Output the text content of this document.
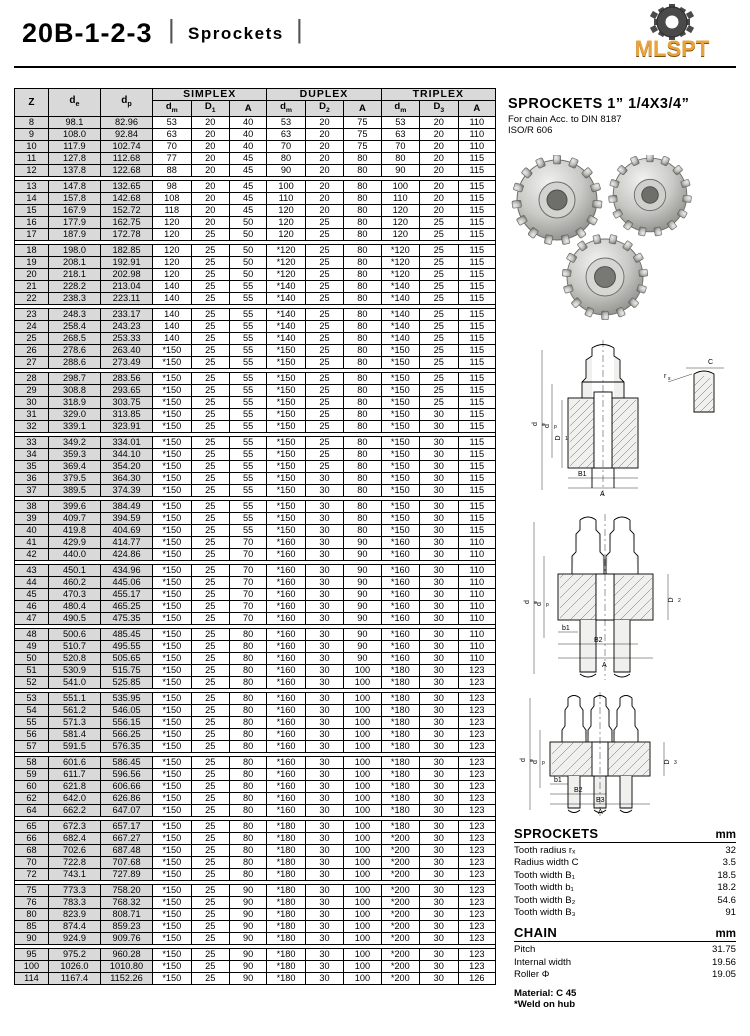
20B-1-2-3 | Sprockets |
MLSPT
Z	$d_e$	$d_p$	SIMPLEX			DUPLEX			TRIPLEX		
			$d_m$	$D_1$	A	$d_m$	$D_2$	A	$d_m$	$D_3$	A
8	98.1	82.96	53	20	40	53	20	75	53	20	110
9	108.0	92.84	63	20	40	63	20	75	63	20	110
10	117.9	102.74	70	20	40	70	20	75	70	20	110
11	127.8	112.68	77	20	45	80	20	80	80	20	115
12	137.8	122.68	88	20	45	90	20	80	90	20	115

13	147.8	132.65	98	20	45	100	20	80	100	20	115
14	157.8	142.68	108	20	45	110	20	80	110	20	115
15	167.9	152.72	118	20	45	120	20	80	120	20	115
16	177.9	162.75	120	20	50	120	25	80	120	25	115
17	187.9	172.78	120	25	50	120	25	80	120	25	115

18	198.0	182.85	120	25	50	*120	25	80	*120	25	115
19	208.1	192.91	120	25	50	*120	25	80	*120	25	115
20	218.1	202.98	120	25	50	*120	25	80	*120	25	115
21	228.2	213.04	140	25	55	*140	25	80	*140	25	115
22	238.3	223.11	140	25	55	*140	25	80	*140	25	115

23	248.3	233.17	140	25	55	*140	25	80	*140	25	115
24	258.4	243.23	140	25	55	*140	25	80	*140	25	115
25	268.5	253.33	140	25	55	*140	25	80	*140	25	115
26	278.6	263.40	*150	25	55	*150	25	80	*150	25	115
27	288.6	273.49	*150	25	55	*150	25	80	*150	25	115

28	298.7	283.56	*150	25	55	*150	25	80	*150	25	115
29	308.8	293.65	*150	25	55	*150	25	80	*150	25	115
30	318.9	303.75	*150	25	55	*150	25	80	*150	25	115
31	329.0	313.85	*150	25	55	*150	25	80	*150	30	115
32	339.1	323.91	*150	25	55	*150	25	80	*150	30	115

33	349.2	334.01	*150	25	55	*150	25	80	*150	30	115
34	359.3	344.10	*150	25	55	*150	25	80	*150	30	115
35	369.4	354.20	*150	25	55	*150	25	80	*150	30	115
36	379.5	364.30	*150	25	55	*150	30	80	*150	30	115
37	389.5	374.39	*150	25	55	*150	30	80	*150	30	115

38	399.6	384.49	*150	25	55	*150	30	80	*150	30	115
39	409.7	394.59	*150	25	55	*150	30	80	*150	30	115
40	419.8	404.69	*150	25	55	*150	30	80	*150	30	115
41	429.9	414.77	*150	25	70	*160	30	90	*160	30	110
42	440.0	424.86	*150	25	70	*160	30	90	*160	30	110

43	450.1	434.96	*150	25	70	*160	30	90	*160	30	110
44	460.2	445.06	*150	25	70	*160	30	90	*160	30	110
45	470.3	455.17	*150	25	70	*160	30	90	*160	30	110
46	480.4	465.25	*150	25	70	*160	30	90	*160	30	110
47	490.5	475.35	*150	25	70	*160	30	90	*160	30	110

48	500.6	485.45	*150	25	80	*160	30	90	*160	30	110
49	510.7	495.55	*150	25	80	*160	30	90	*160	30	110
50	520.8	505.65	*150	25	80	*160	30	90	*160	30	110
51	530.9	515.75	*150	25	80	*160	30	100	*180	30	123
52	541.0	525.85	*150	25	80	*160	30	100	*180	30	123

53	551.1	535.95	*150	25	80	*160	30	100	*180	30	123
54	561.2	546.05	*150	25	80	*160	30	100	*180	30	123
55	571.3	556.15	*150	25	80	*160	30	100	*180	30	123
56	581.4	566.25	*150	25	80	*160	30	100	*180	30	123
57	591.5	576.35	*150	25	80	*160	30	100	*180	30	123

58	601.6	586.45	*150	25	80	*160	30	100	*180	30	123
59	611.7	596.56	*150	25	80	*160	30	100	*180	30	123
60	621.8	606.66	*150	25	80	*160	30	100	*180	30	123
62	642.0	626.86	*150	25	80	*160	30	100	*180	30	123
64	662.2	647.07	*150	25	80	*160	30	100	*180	30	123

65	672.3	657.17	*150	25	80	*180	30	100	*180	30	123
66	682.4	667.27	*150	25	80	*180	30	100	*200	30	123
68	702.6	687.48	*150	25	80	*180	30	100	*200	30	123
70	722.8	707.68	*150	25	80	*180	30	100	*200	30	123
72	743.1	727.89	*150	25	80	*180	30	100	*200	30	123

75	773.3	758.20	*150	25	90	*180	30	100	*200	30	123
76	783.3	768.32	*150	25	90	*180	30	100	*200	30	123
80	823.9	808.71	*150	25	90	*180	30	100	*200	30	123
85	874.4	859.23	*150	25	90	*180	30	100	*200	30	123
90	924.9	909.76	*150	25	90	*180	30	100	*200	30	123

95	975.2	960.28	*150	25	90	*180	30	100	*200	30	123
100	1026.0	1010.80	*150	25	90	*180	30	100	*200	30	123
114	1167.4	1152.26	*150	25	90	*180	30	100	*200	30	126
SPROCKETS 1” 1/4X3/4”
For chain Acc. to DIN 8187
ISO/R 606
d e d p
D 1
B1
A
C
r s
d e d p
D 2
b1
B2
A
d e d p	D 3
b1
B2
B3
A
SPROCKETS	mm
Tooth radius rₓ	32
Radius width C	3.5
Tooth width B₁	18.5
Tooth width b₁	18.2
Tooth width B₂	54.6
Tooth width B₃	91
CHAIN	mm
Pitch	31.75
Internal width	19.56
Roller Φ	19.05
Material: C 45
*Weld on hub
